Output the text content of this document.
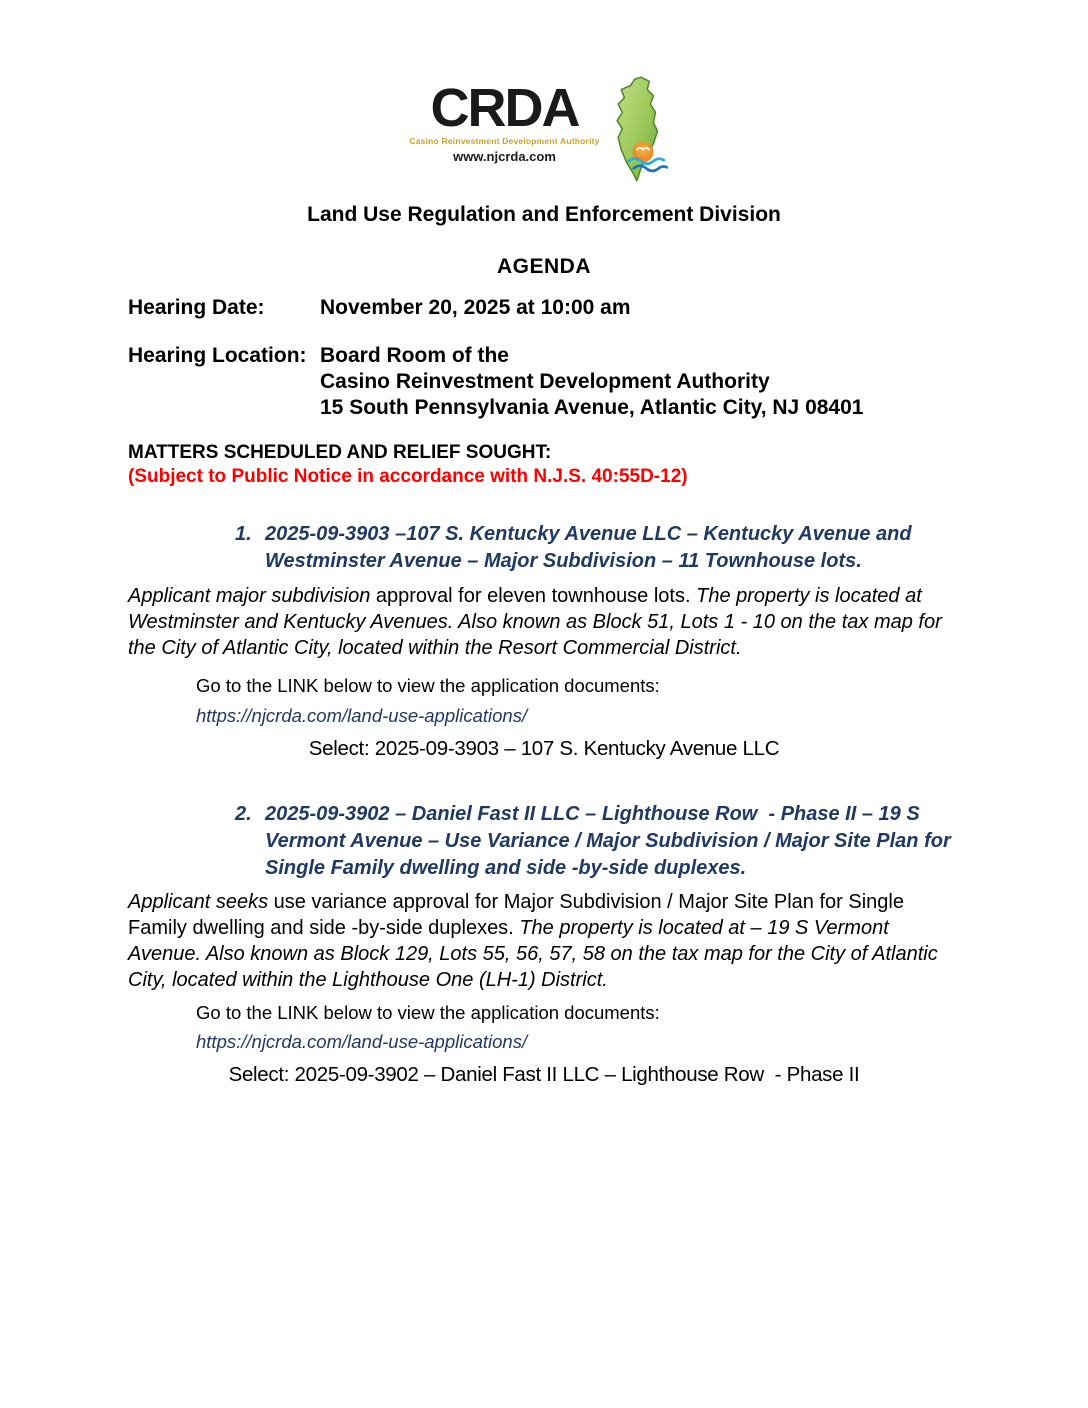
CRDA
Casino Reinvestment Development Authority
www.njcrda.com
Land Use Regulation and Enforcement Division
AGENDA
Hearing Date:	November 20, 2025 at 10:00 am
Hearing Location: Board Room of the
Casino Reinvestment Development Authority
15 South Pennsylvania Avenue, Atlantic City, NJ 08401
MATTERS SCHEDULED AND RELIEF SOUGHT:
(Subject to Public Notice in accordance with N.J.S. 40:55D-12)
1. 2025-09-3903 –107 S. Kentucky Avenue LLC – Kentucky Avenue and Westminster Avenue – Major Subdivision – 11 Townhouse lots.
Applicant major subdivision approval for eleven townhouse lots. The property is located at Westminster and Kentucky Avenues. Also known as Block 51, Lots 1 - 10 on the tax map for the City of Atlantic City, located within the Resort Commercial District.
Go to the LINK below to view the application documents:
https://njcrda.com/land-use-applications/
Select: 2025-09-3903 – 107 S. Kentucky Avenue LLC
2. 2025-09-3902 – Daniel Fast II LLC – Lighthouse Row  - Phase II – 19 S Vermont Avenue – Use Variance / Major Subdivision / Major Site Plan for Single Family dwelling and side -by-side duplexes.
Applicant seeks use variance approval for Major Subdivision / Major Site Plan for Single Family dwelling and side -by-side duplexes. The property is located at – 19 S Vermont Avenue. Also known as Block 129, Lots 55, 56, 57, 58 on the tax map for the City of Atlantic City, located within the Lighthouse One (LH-1) District.
Go to the LINK below to view the application documents:
https://njcrda.com/land-use-applications/
Select: 2025-09-3902 – Daniel Fast II LLC – Lighthouse Row  - Phase II
